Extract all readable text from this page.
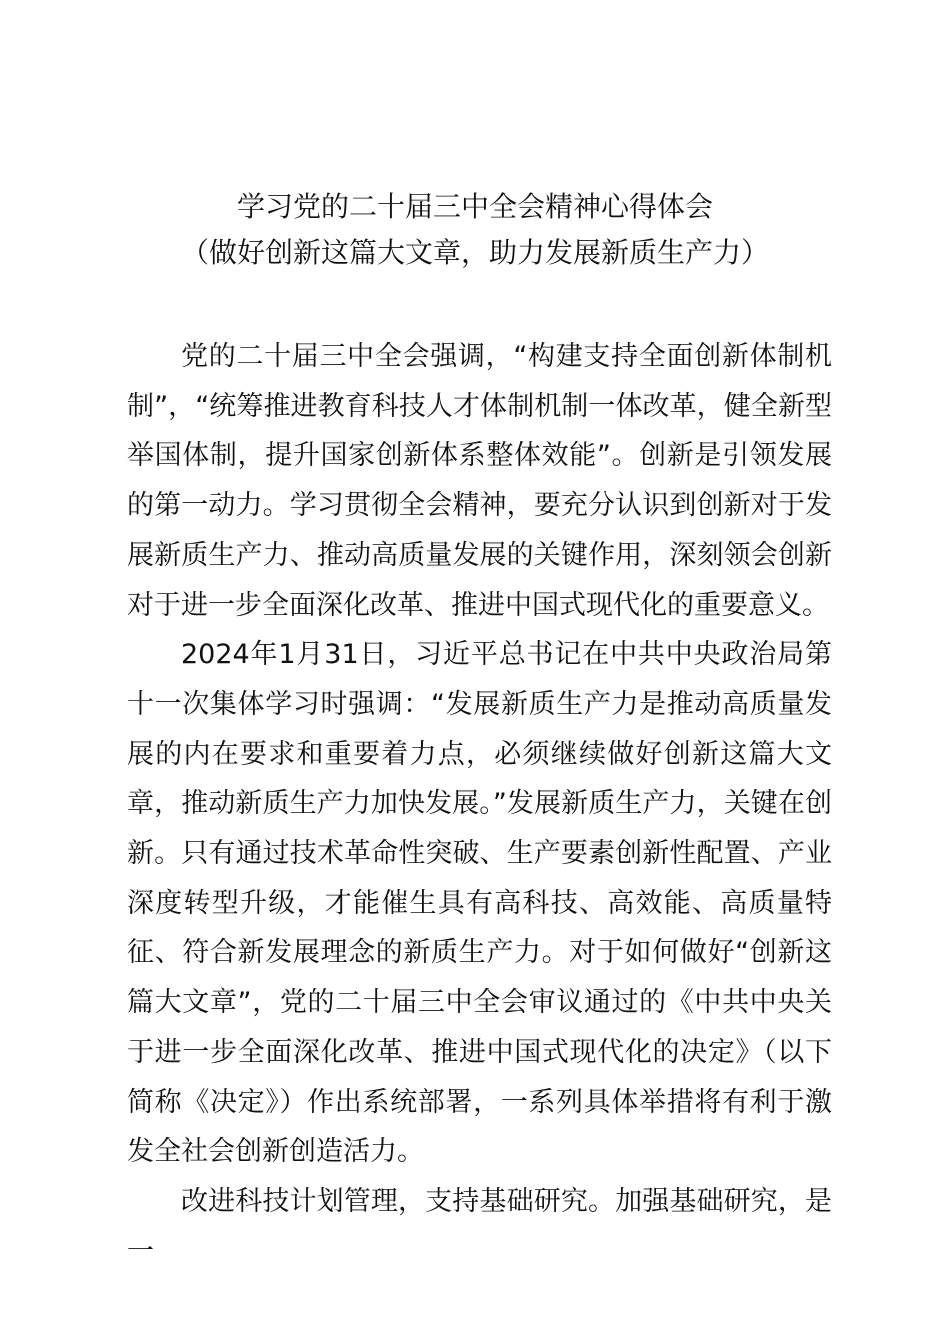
学习党的二十届三中全会精神心得体会
（做好创新这篇大文章，助力发展新质生产力）

党的二十届三中全会强调，“构建支持全面创新体制机制”，“统筹推进教育科技人才体制机制一体改革，健全新型举国体制，提升国家创新体系整体效能”。创新是引领发展的第一动力。学习贯彻全会精神，要充分认识到创新对于发展新质生产力、推动高质量发展的关键作用，深刻领会创新对于进一步全面深化改革、推进中国式现代化的重要意义。

2024年1月31日，习近平总书记在中共中央政治局第十一次集体学习时强调：“发展新质生产力是推动高质量发展的内在要求和重要着力点，必须继续做好创新这篇大文章，推动新质生产力加快发展。”发展新质生产力，关键在创新。只有通过技术革命性突破、生产要素创新性配置、产业深度转型升级，才能催生具有高科技、高效能、高质量特征、符合新发展理念的新质生产力。对于如何做好“创新这篇大文章”，党的二十届三中全会审议通过的《中共中央关于进一步全面深化改革、推进中国式现代化的决定》（以下简称《决定》）作出系统部署，一系列具体举措将有利于激发全社会创新创造活力。

改进科技计划管理，支持基础研究。加强基础研究，是一
